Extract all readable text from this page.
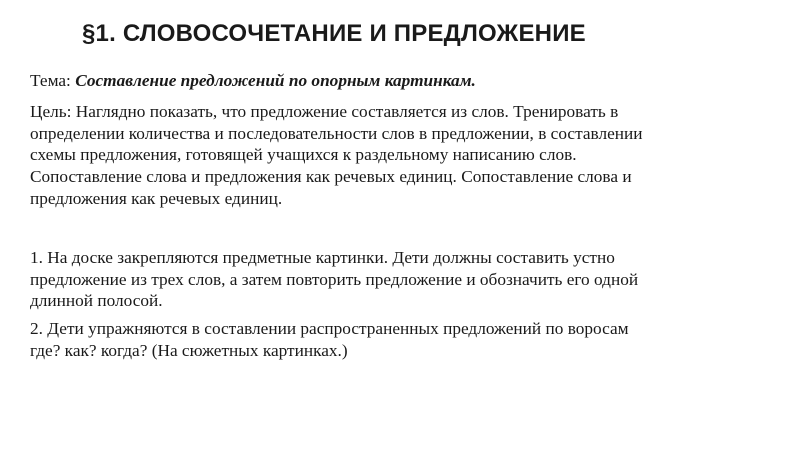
§1. СЛОВОСОЧЕТАНИЕ И ПРЕДЛОЖЕНИЕ

Тема: Составление предложений по опорным картинкам.

Цель: Наглядно показать, что предложение составляется из слов. Тренировать в
определении количества и последовательности слов в предложении, в составлении
схемы предложения, готовящей учащихся к раздельному написанию слов.
Сопоставление слова и предложения как речевых единиц. Сопоставление слова и
предложения как речевых единиц.

1. На доске закрепляются предметные картинки. Дети должны составить устно
предложение из трех слов, а затем повторить предложение и обозначить его одной
длинной полосой.

2. Дети упражняются в составлении распространенных предложений по воросам
где? как? когда? (На сюжетных картинках.)
